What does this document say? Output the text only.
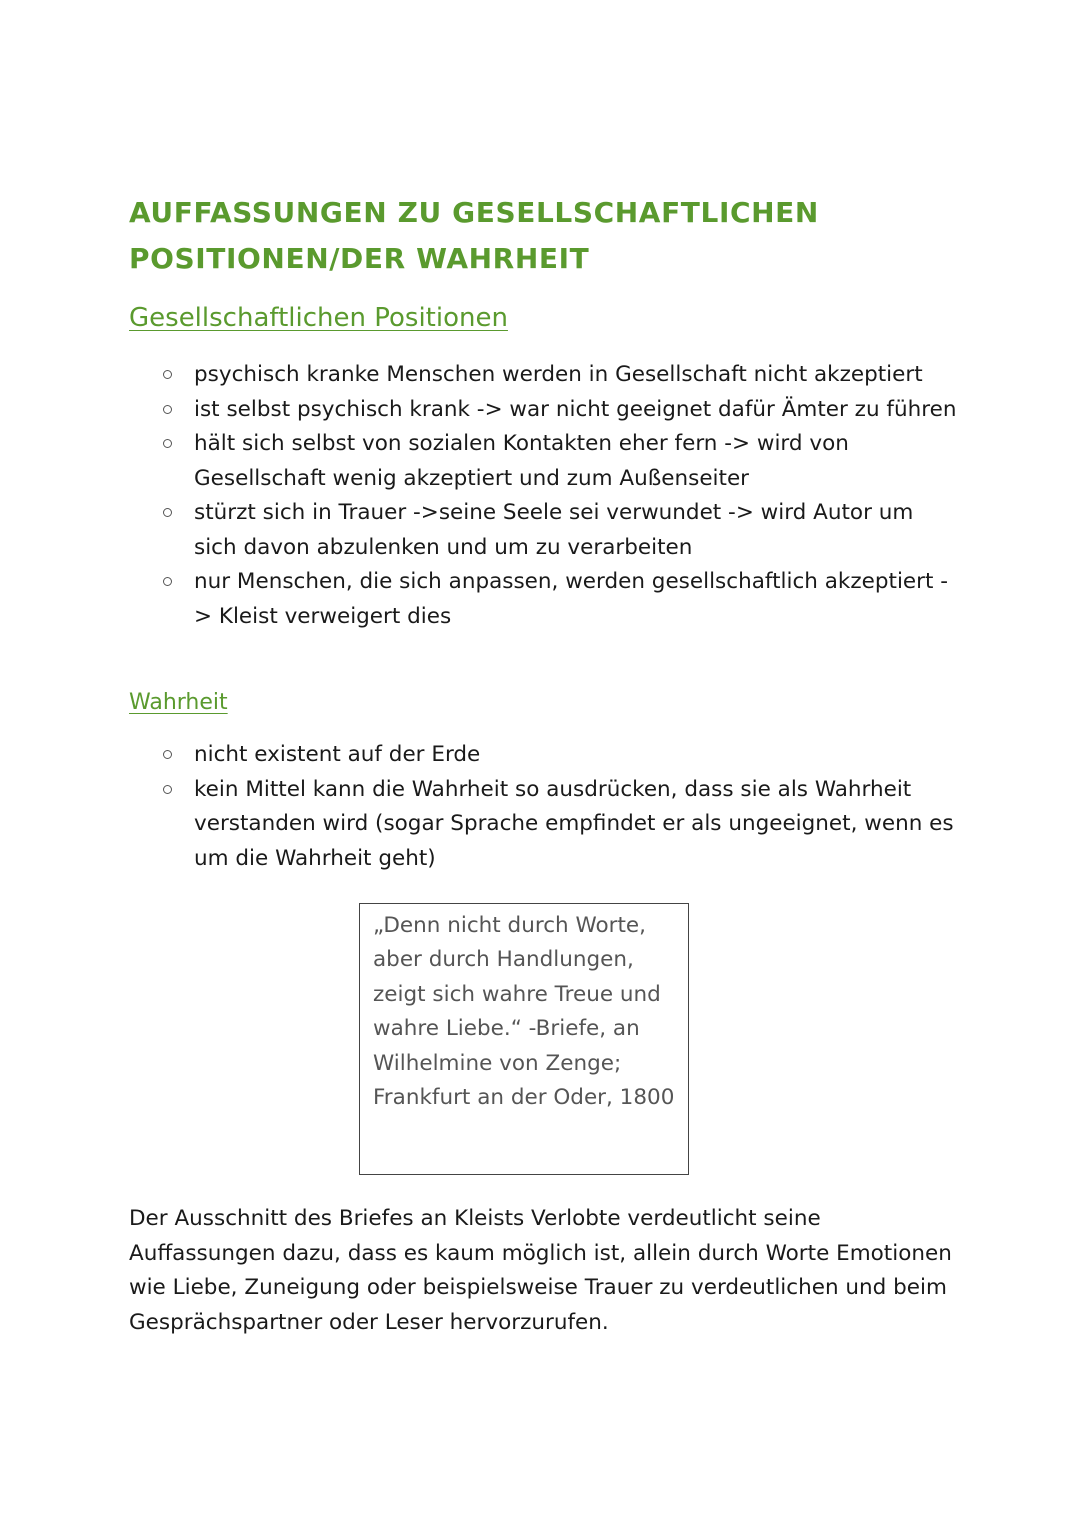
AUFFASSUNGEN ZU GESELLSCHAFTLICHEN
POSITIONEN/DER WAHRHEIT
Gesellschaftlichen Positionen
psychisch kranke Menschen werden in Gesellschaft nicht akzeptiert
ist selbst psychisch krank -> war nicht geeignet dafür Ämter zu führen
hält sich selbst von sozialen Kontakten eher fern -> wird von Gesellschaft wenig akzeptiert und zum Außenseiter
stürzt sich in Trauer ->seine Seele sei verwundet -> wird Autor um sich davon abzulenken und um zu verarbeiten
nur Menschen, die sich anpassen, werden gesellschaftlich akzeptiert -> Kleist verweigert dies
Wahrheit
nicht existent auf der Erde
kein Mittel kann die Wahrheit so ausdrücken, dass sie als Wahrheit verstanden wird (sogar Sprache empfindet er als ungeeignet, wenn es um die Wahrheit geht)

„Denn nicht durch Worte, aber durch Handlungen, zeigt sich wahre Treue und wahre Liebe.“ -Briefe, an Wilhelmine von Zenge; Frankfurt an der Oder, 1800

Der Ausschnitt des Briefes an Kleists Verlobte verdeutlicht seine Auffassungen dazu, dass es kaum möglich ist, allein durch Worte Emotionen wie Liebe, Zuneigung oder beispielsweise Trauer zu verdeutlichen und beim Gesprächspartner oder Leser hervorzurufen.
